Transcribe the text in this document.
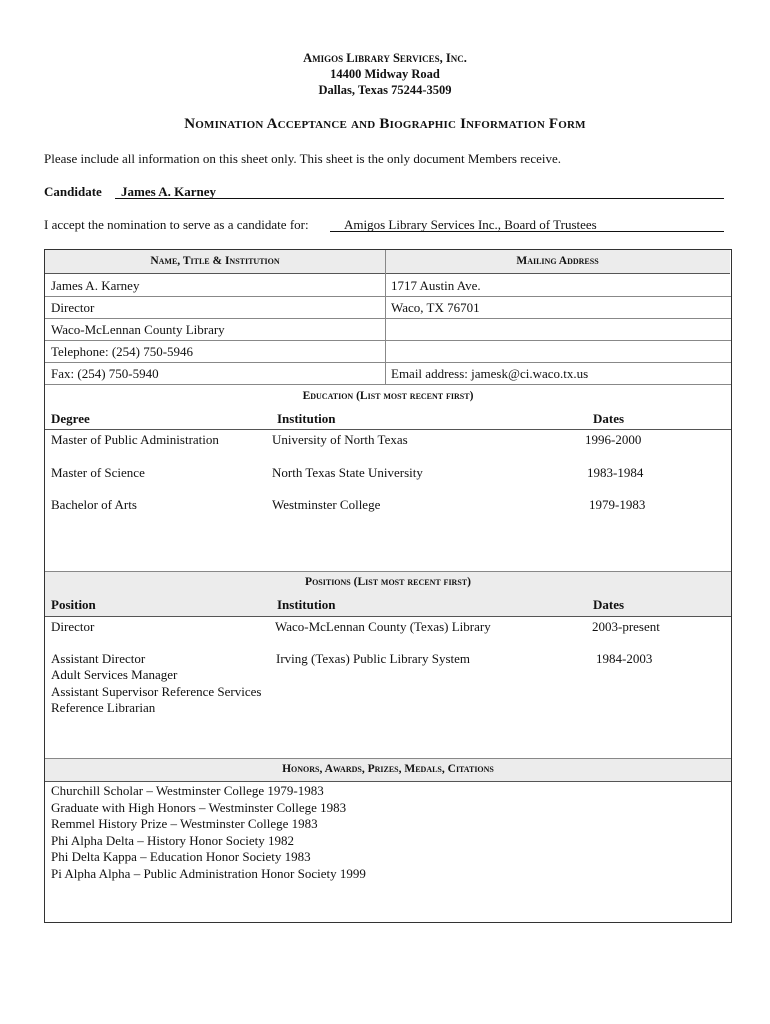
Amigos Library Services, Inc.
14400 Midway Road
Dallas, Texas 75244-3509
Nomination Acceptance and Biographic Information Form
Please include all information on this sheet only. This sheet is the only document Members receive.
Candidate	James A. Karney
I accept the nomination to serve as a candidate for:	Amigos Library Services Inc., Board of Trustees
Name, Title & Institution	Mailing Address
James A. Karney	1717 Austin Ave.
Director	Waco, TX 76701
Waco-McLennan County Library
Telephone: (254) 750-5946
Fax: (254) 750-5940	Email address: jamesk@ci.waco.tx.us
Education (List most recent first)
Degree	Institution	Dates
Master of Public Administration	University of North Texas	1996-2000
Master of Science	North Texas State University	1983-1984
Bachelor of Arts	Westminster College	1979-1983
Positions (List most recent first)
Position	Institution	Dates
Director	Waco-McLennan County (Texas) Library	2003-present
Assistant Director	Irving (Texas) Public Library System	1984-2003
Adult Services Manager
Assistant Supervisor Reference Services
Reference Librarian
Honors, Awards, Prizes, Medals, Citations
Churchill Scholar – Westminster College 1979-1983
Graduate with High Honors – Westminster College 1983
Remmel History Prize – Westminster College 1983
Phi Alpha Delta – History Honor Society 1982
Phi Delta Kappa – Education Honor Society 1983
Pi Alpha Alpha – Public Administration Honor Society 1999
